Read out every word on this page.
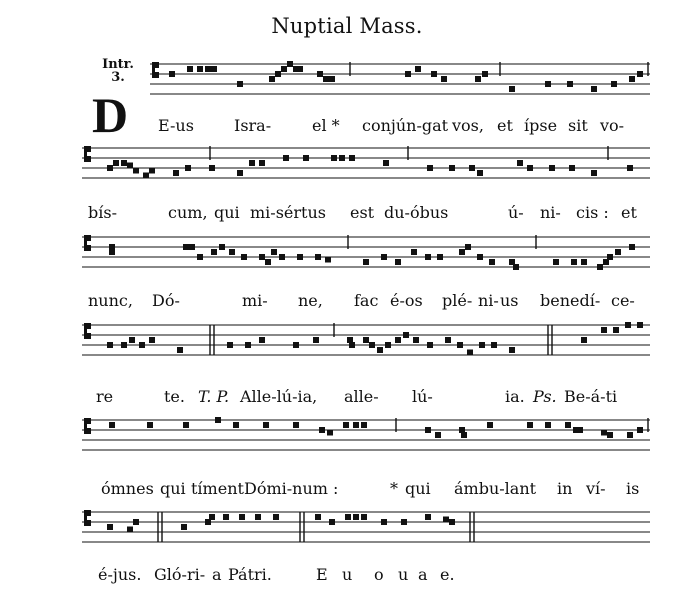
Nuptial Mass.
Intr.
3.
D E-us	Isra-	el * conjún-gat vos, et ípse sit vo-
bís-	cum, qui mi-sértus est du-óbus	ú- ni- cis : et
nunc, Dó-	mi- ne, fac é-os plé- ni- us benedí- ce-
re	te. T. P. Alle-lú-ia, alle- lú-	ia. Ps. Be-á-ti
ómnes qui tíment Dómi-num :	* qui ámbu-lant in ví- is
é-jus. Gló-ri- a Pátri.	E u o u a e.
